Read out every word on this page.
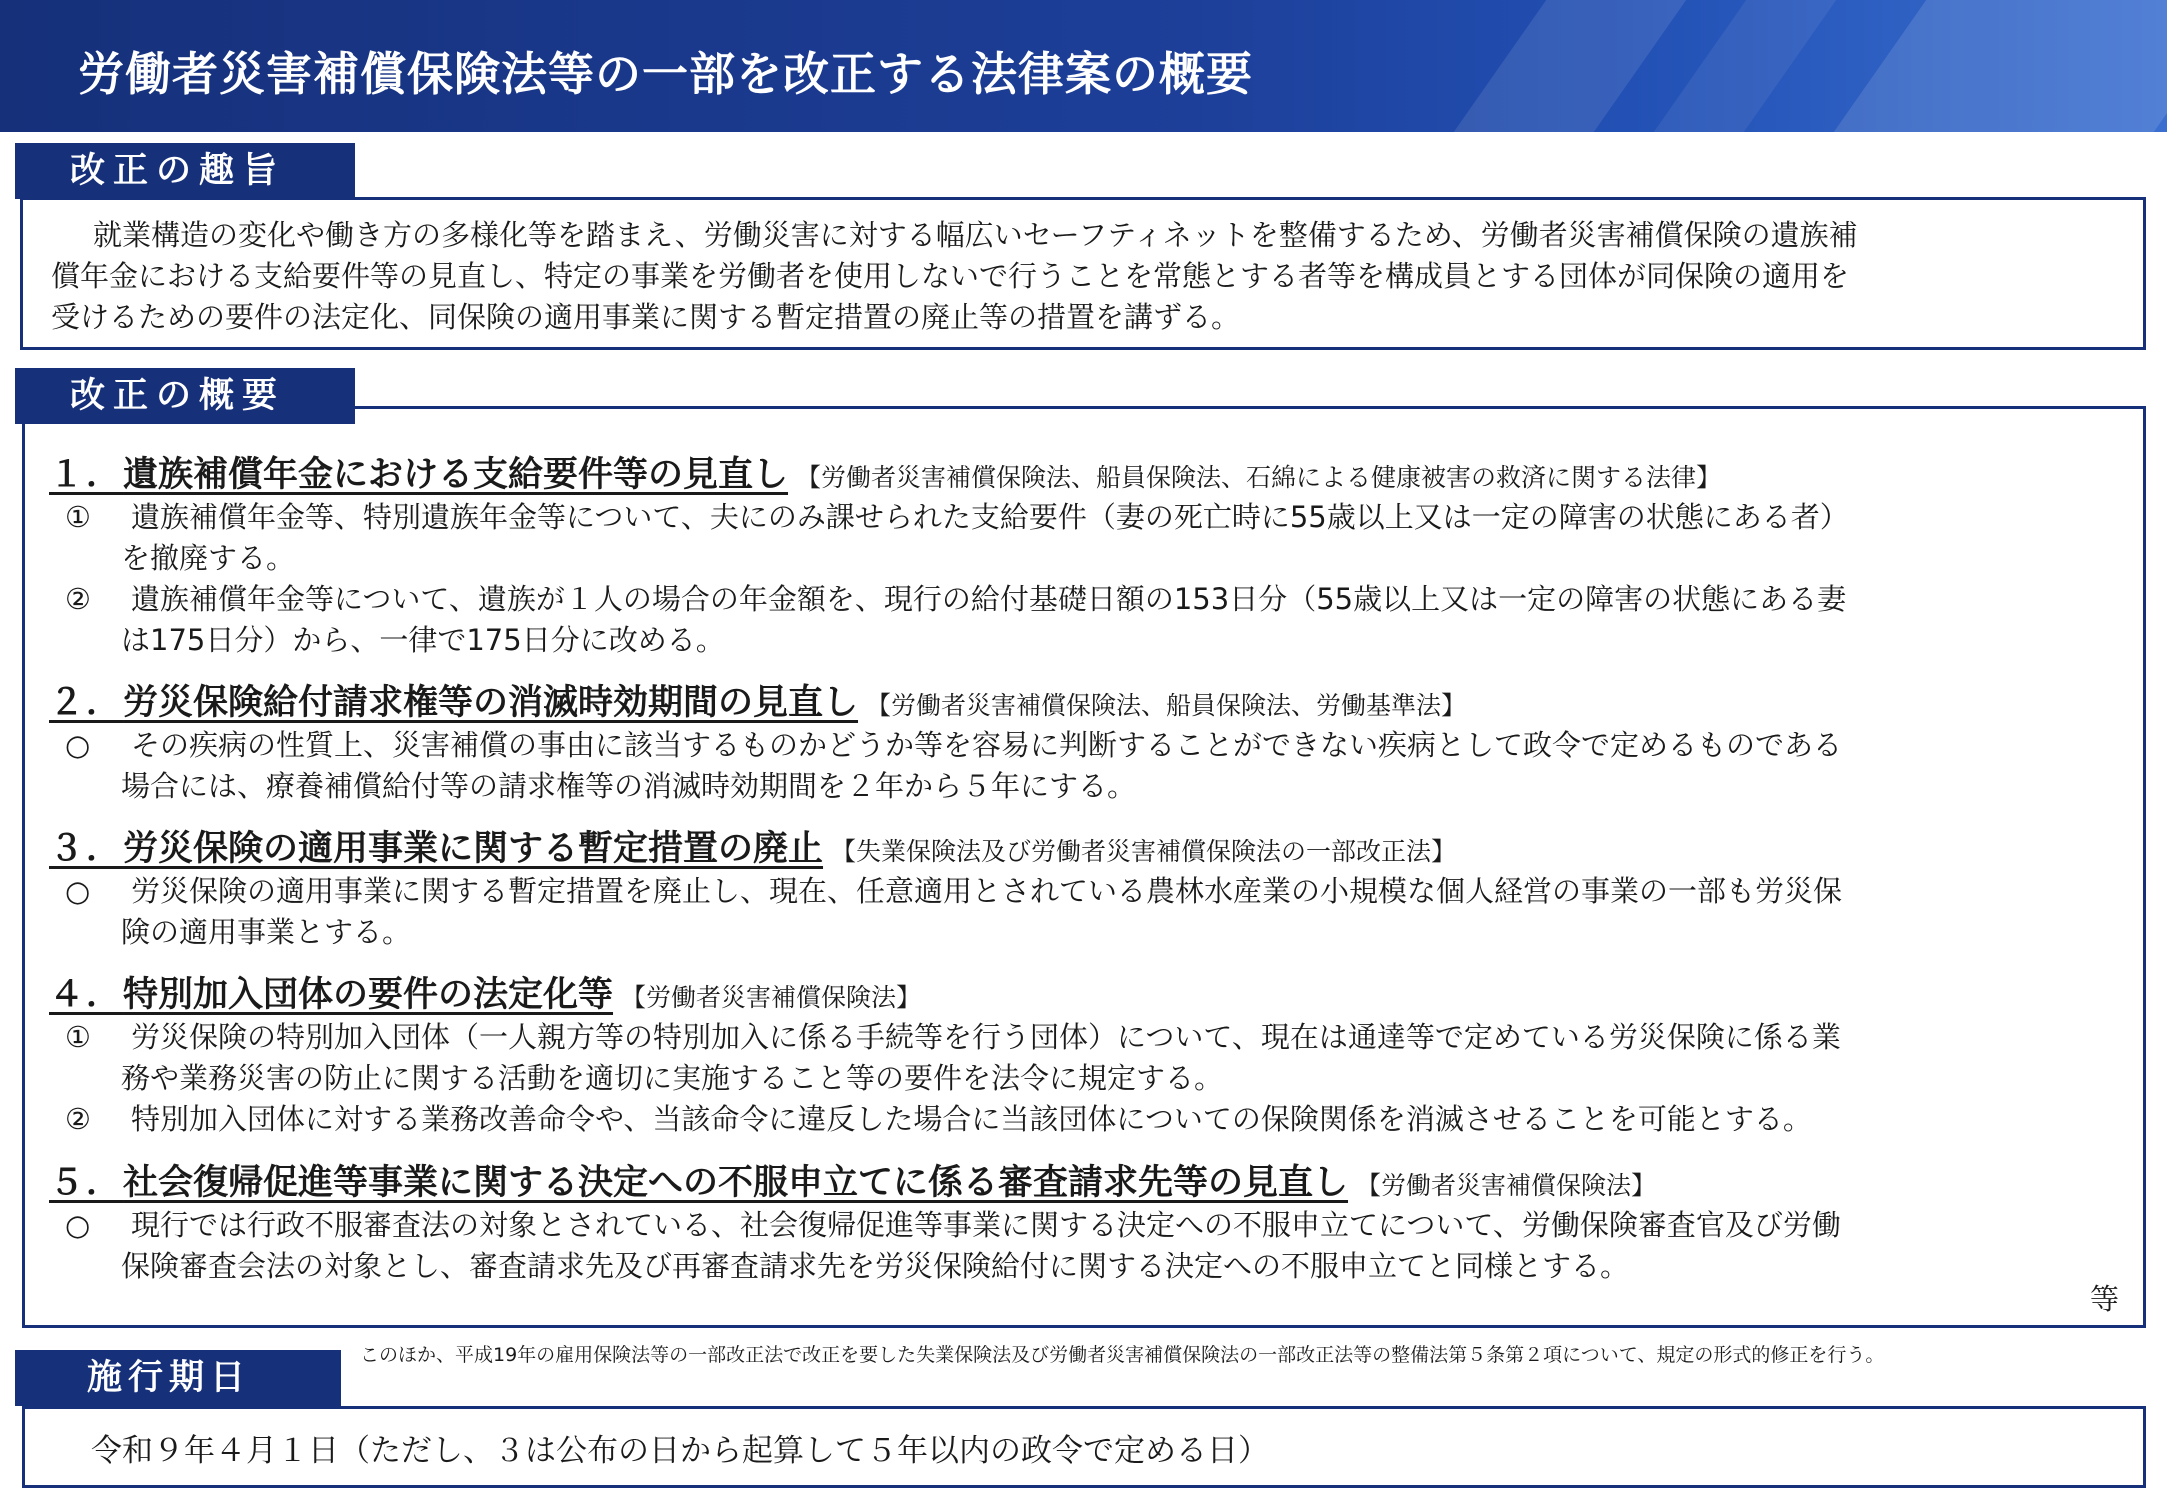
労働者災害補償保険法等の一部を改正する法律案の概要
就業構造の変化や働き方の多様化等を踏まえ、労働災害に対する幅広いセーフティネットを整備するため、労働者災害補償保険の遺族補
償年金における支給要件等の見直し、特定の事業を労働者を使用しないで行うことを常態とする者等を構成員とする団体が同保険の適用を
受けるための要件の法定化、同保険の適用事業に関する暫定措置の廃止等の措置を講ずる。
改正の趣旨
１．遺族補償年金における支給要件等の見直し 【労働者災害補償保険法、船員保険法、石綿による健康被害の救済に関する法律】
① 遺族補償年金等、特別遺族年金等について、夫にのみ課せられた支給要件（妻の死亡時に55歳以上又は一定の障害の状態にある者）
を撤廃する。
② 遺族補償年金等について、遺族が１人の場合の年金額を、現行の給付基礎日額の153日分（55歳以上又は一定の障害の状態にある妻
は175日分）から、一律で175日分に改める。
２．労災保険給付請求権等の消滅時効期間の見直し 【労働者災害補償保険法、船員保険法、労働基準法】
○ その疾病の性質上、災害補償の事由に該当するものかどうか等を容易に判断することができない疾病として政令で定めるものである
場合には、療養補償給付等の請求権等の消滅時効期間を２年から５年にする。
３．労災保険の適用事業に関する暫定措置の廃止 【失業保険法及び労働者災害補償保険法の一部改正法】
○ 労災保険の適用事業に関する暫定措置を廃止し、現在、任意適用とされている農林水産業の小規模な個人経営の事業の一部も労災保
険の適用事業とする。
４．特別加入団体の要件の法定化等 【労働者災害補償保険法】
① 労災保険の特別加入団体（一人親方等の特別加入に係る手続等を行う団体）について、現在は通達等で定めている労災保険に係る業
務や業務災害の防止に関する活動を適切に実施すること等の要件を法令に規定する。
② 特別加入団体に対する業務改善命令や、当該命令に違反した場合に当該団体についての保険関係を消滅させることを可能とする。
５．社会復帰促進等事業に関する決定への不服申立てに係る審査請求先等の見直し 【労働者災害補償保険法】
○ 現行では行政不服審査法の対象とされている、社会復帰促進等事業に関する決定への不服申立てについて、労働保険審査官及び労働
保険審査会法の対象とし、審査請求先及び再審査請求先を労災保険給付に関する決定への不服申立てと同様とする。
等
改正の概要
このほか、平成19年の雇用保険法等の一部改正法で改正を要した失業保険法及び労働者災害補償保険法の一部改正法等の整備法第５条第２項について、規定の形式的修正を行う。
令和９年４月１日（ただし、３は公布の日から起算して５年以内の政令で定める日）
施行期日
